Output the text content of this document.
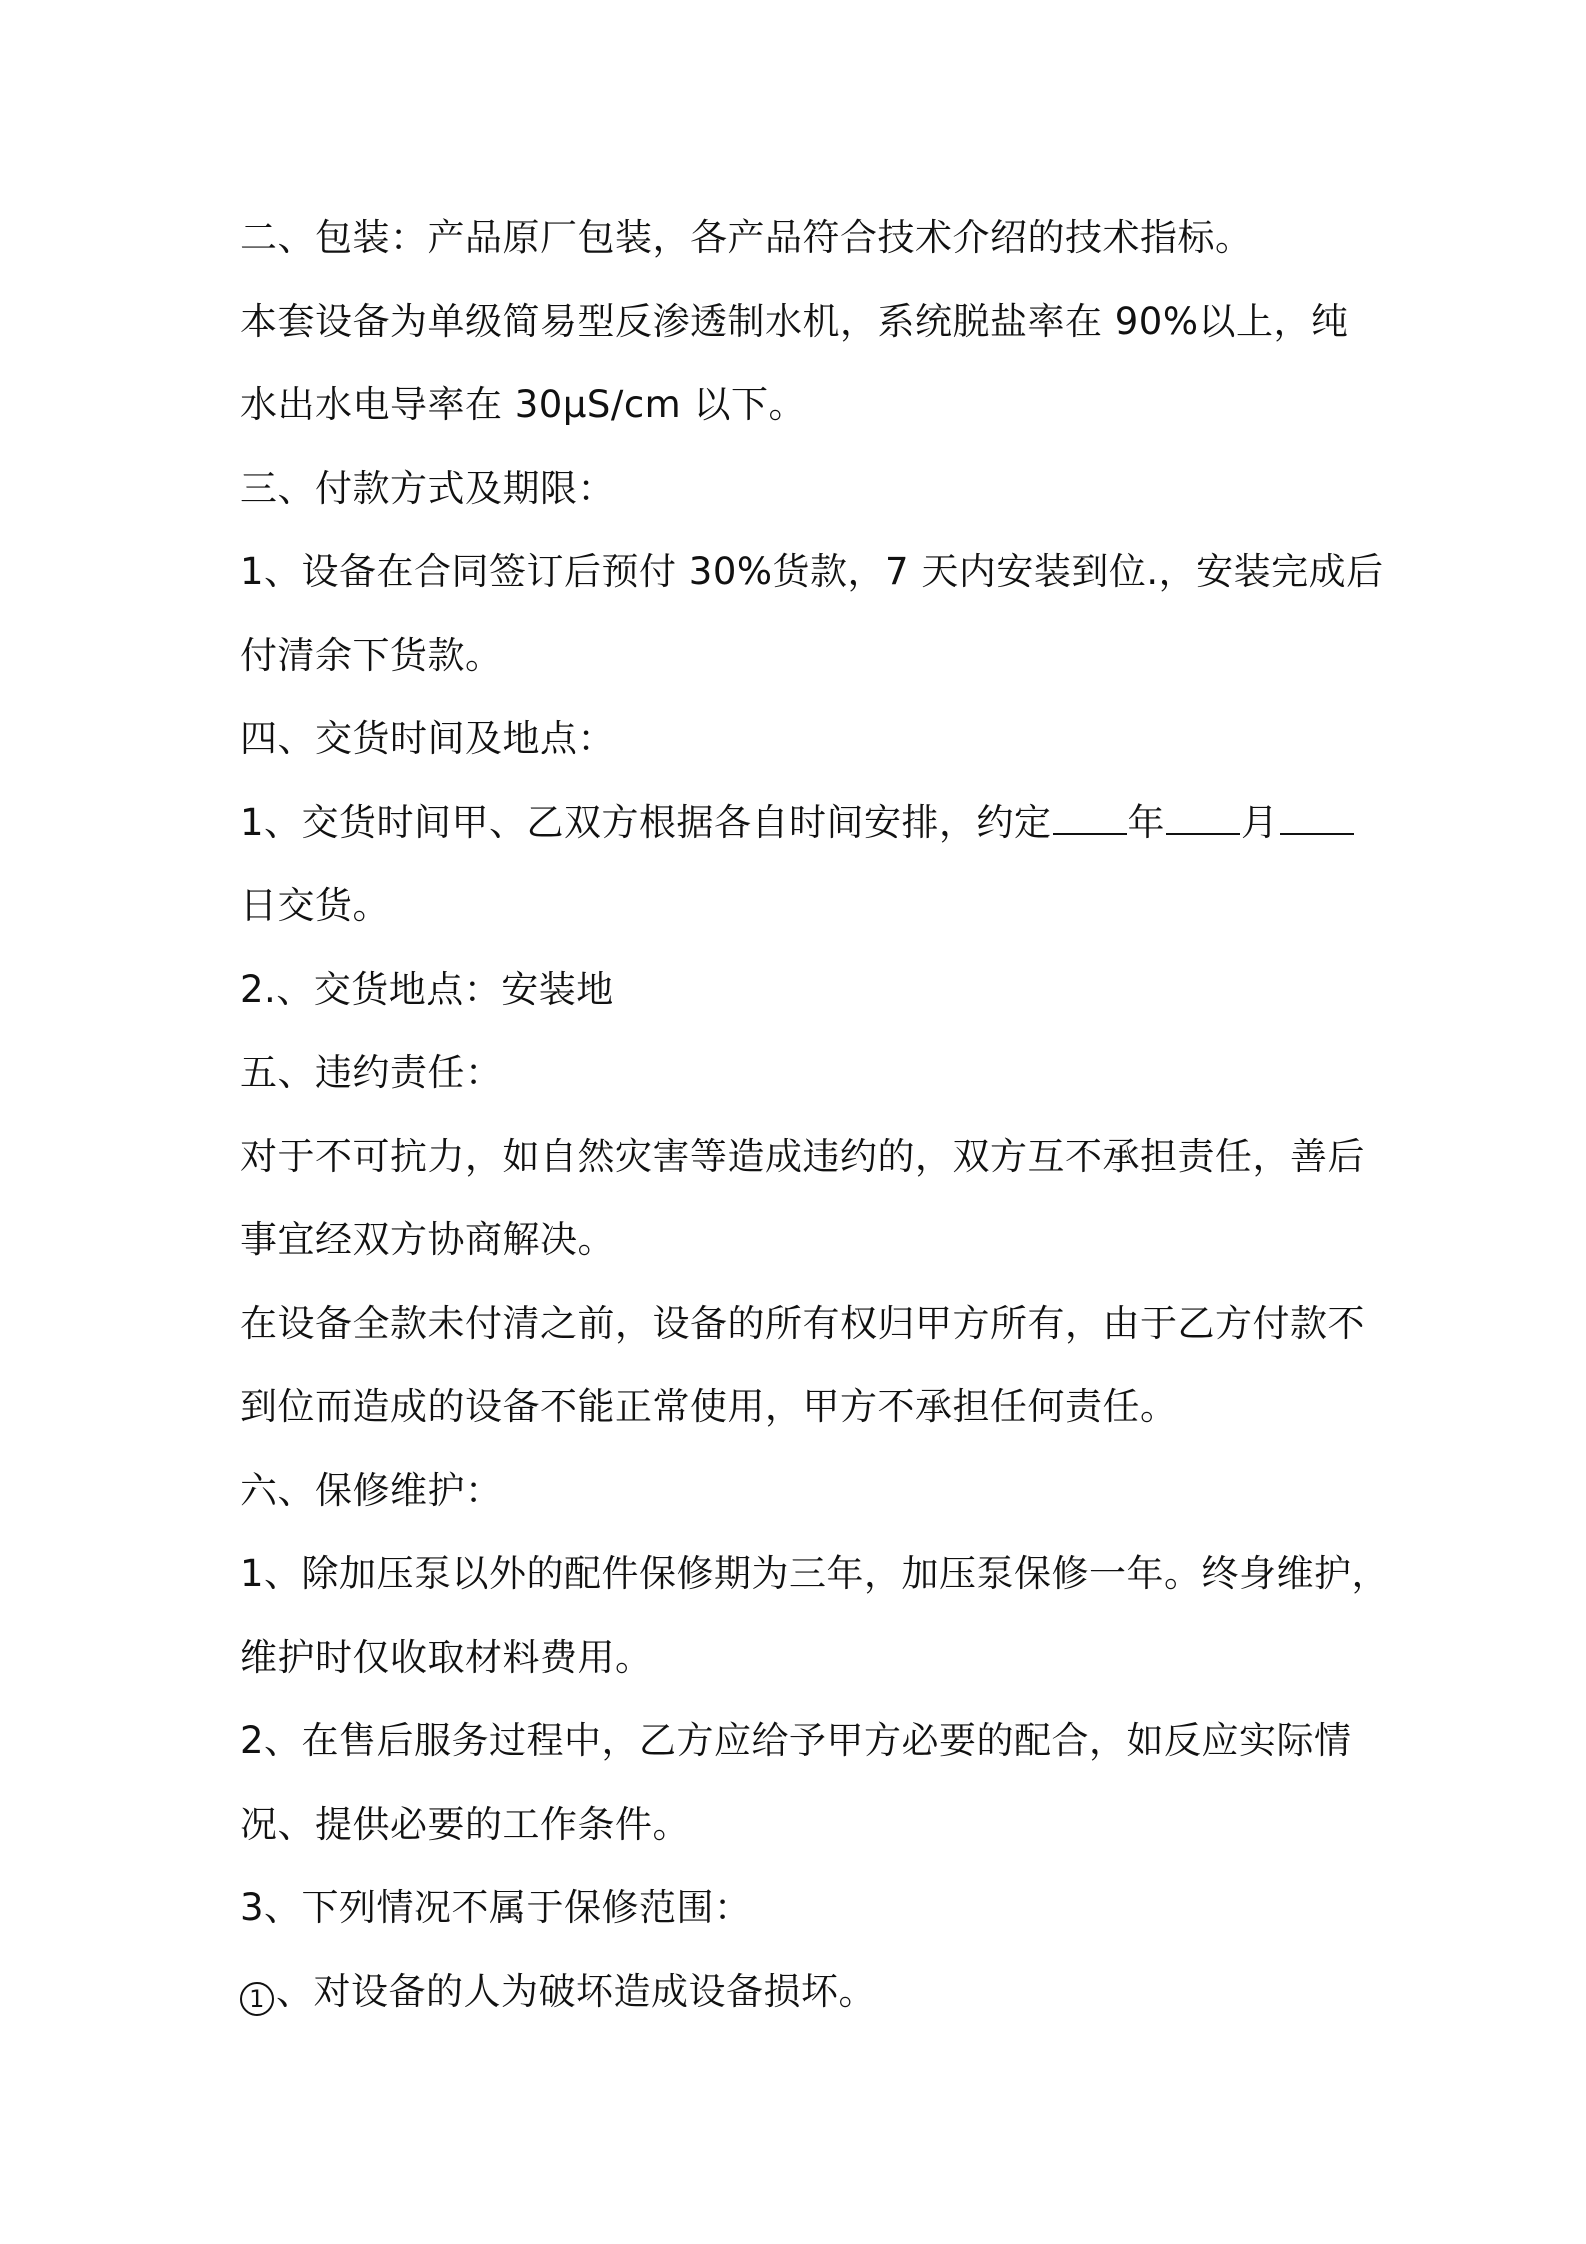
二、包装：产品原厂包装，各产品符合技术介绍的技术指标。
本套设备为单级简易型反渗透制水机，系统脱盐率在 90%以上，纯
水出水电导率在 30μS/cm 以下。
三、付款方式及期限：
1、设备在合同签订后预付 30%货款，7 天内安装到位.，安装完成后
付清余下货款。
四、交货时间及地点：
1、交货时间甲、乙双方根据各自时间安排，约定 年 月
日交货。
2.、交货地点：安装地
五、违约责任：
对于不可抗力，如自然灾害等造成违约的，双方互不承担责任，善后
事宜经双方协商解决。
在设备全款未付清之前，设备的所有权归甲方所有，由于乙方付款不
到位而造成的设备不能正常使用，甲方不承担任何责任。
六、保修维护：
1、除加压泵以外的配件保修期为三年，加压泵保修一年。终身维护，
维护时仅收取材料费用。
2、在售后服务过程中，乙方应给予甲方必要的配合，如反应实际情
况、提供必要的工作条件。
3、下列情况不属于保修范围：
1 、对设备的人为破坏造成设备损坏。
